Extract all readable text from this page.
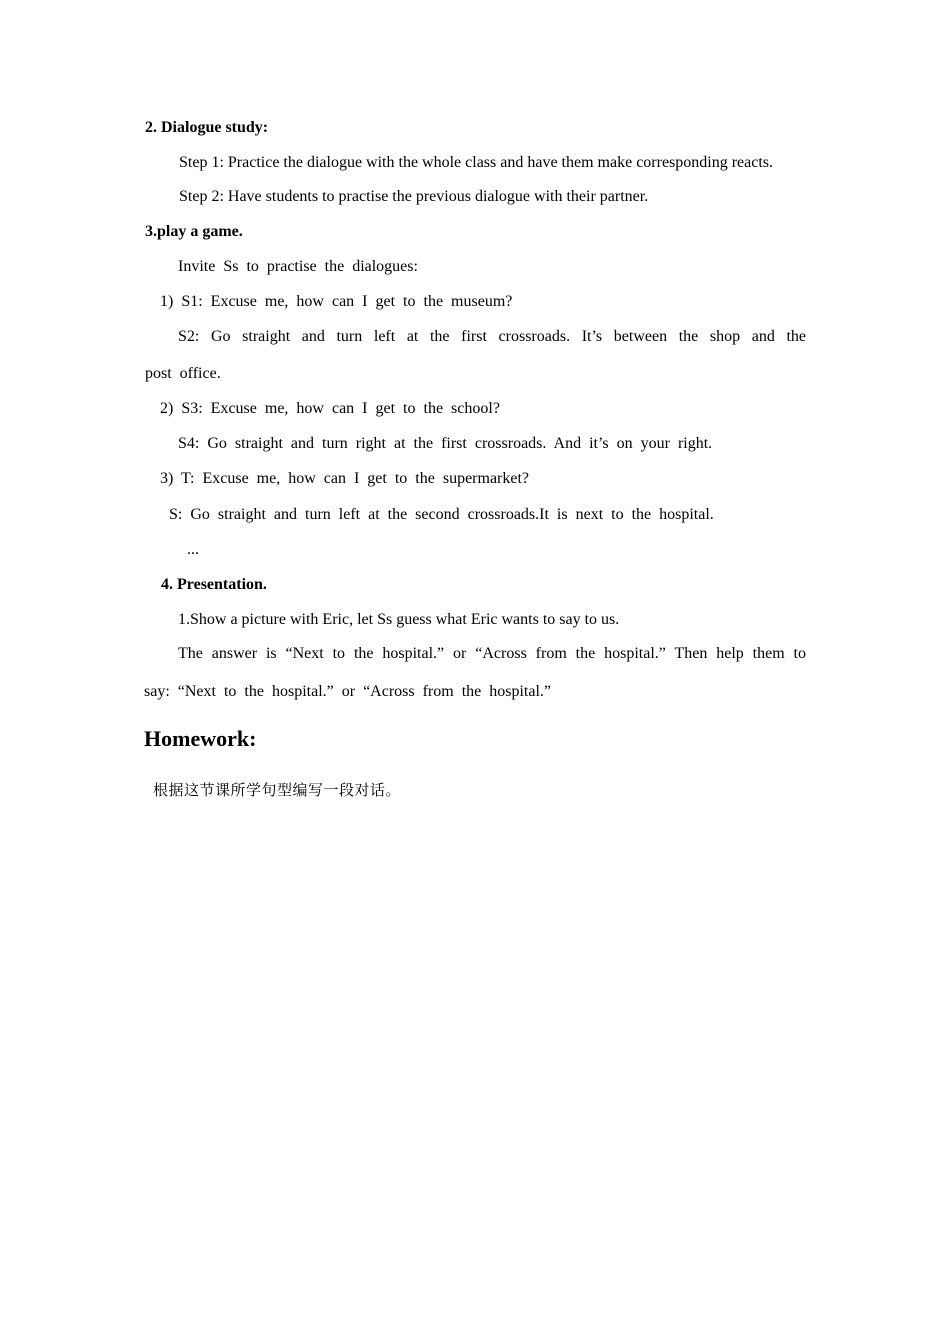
2. Dialogue study:
Step 1: Practice the dialogue with the whole class and have them make corresponding reacts.
Step 2: Have students to practise the previous dialogue with their partner.
3.play a game.
Invite Ss to practise the dialogues:
1) S1: Excuse me, how can I get to the museum?
S2: Go straight and turn left at the first crossroads. It’s between the shop and the
post office.
2) S3: Excuse me, how can I get to the school?
S4: Go straight and turn right at the first crossroads. And it’s on your right.
3) T: Excuse me, how can I get to the supermarket?
S: Go straight and turn left at the second crossroads.It is next to the hospital.
...
4. Presentation.
1.Show a picture with Eric, let Ss guess what Eric wants to say to us.
The answer is “Next to the hospital.” or “Across from the hospital.” Then help them to
say: “Next to the hospital.” or “Across from the hospital.”
Homework:
根据这节课所学句型编写一段对话。
